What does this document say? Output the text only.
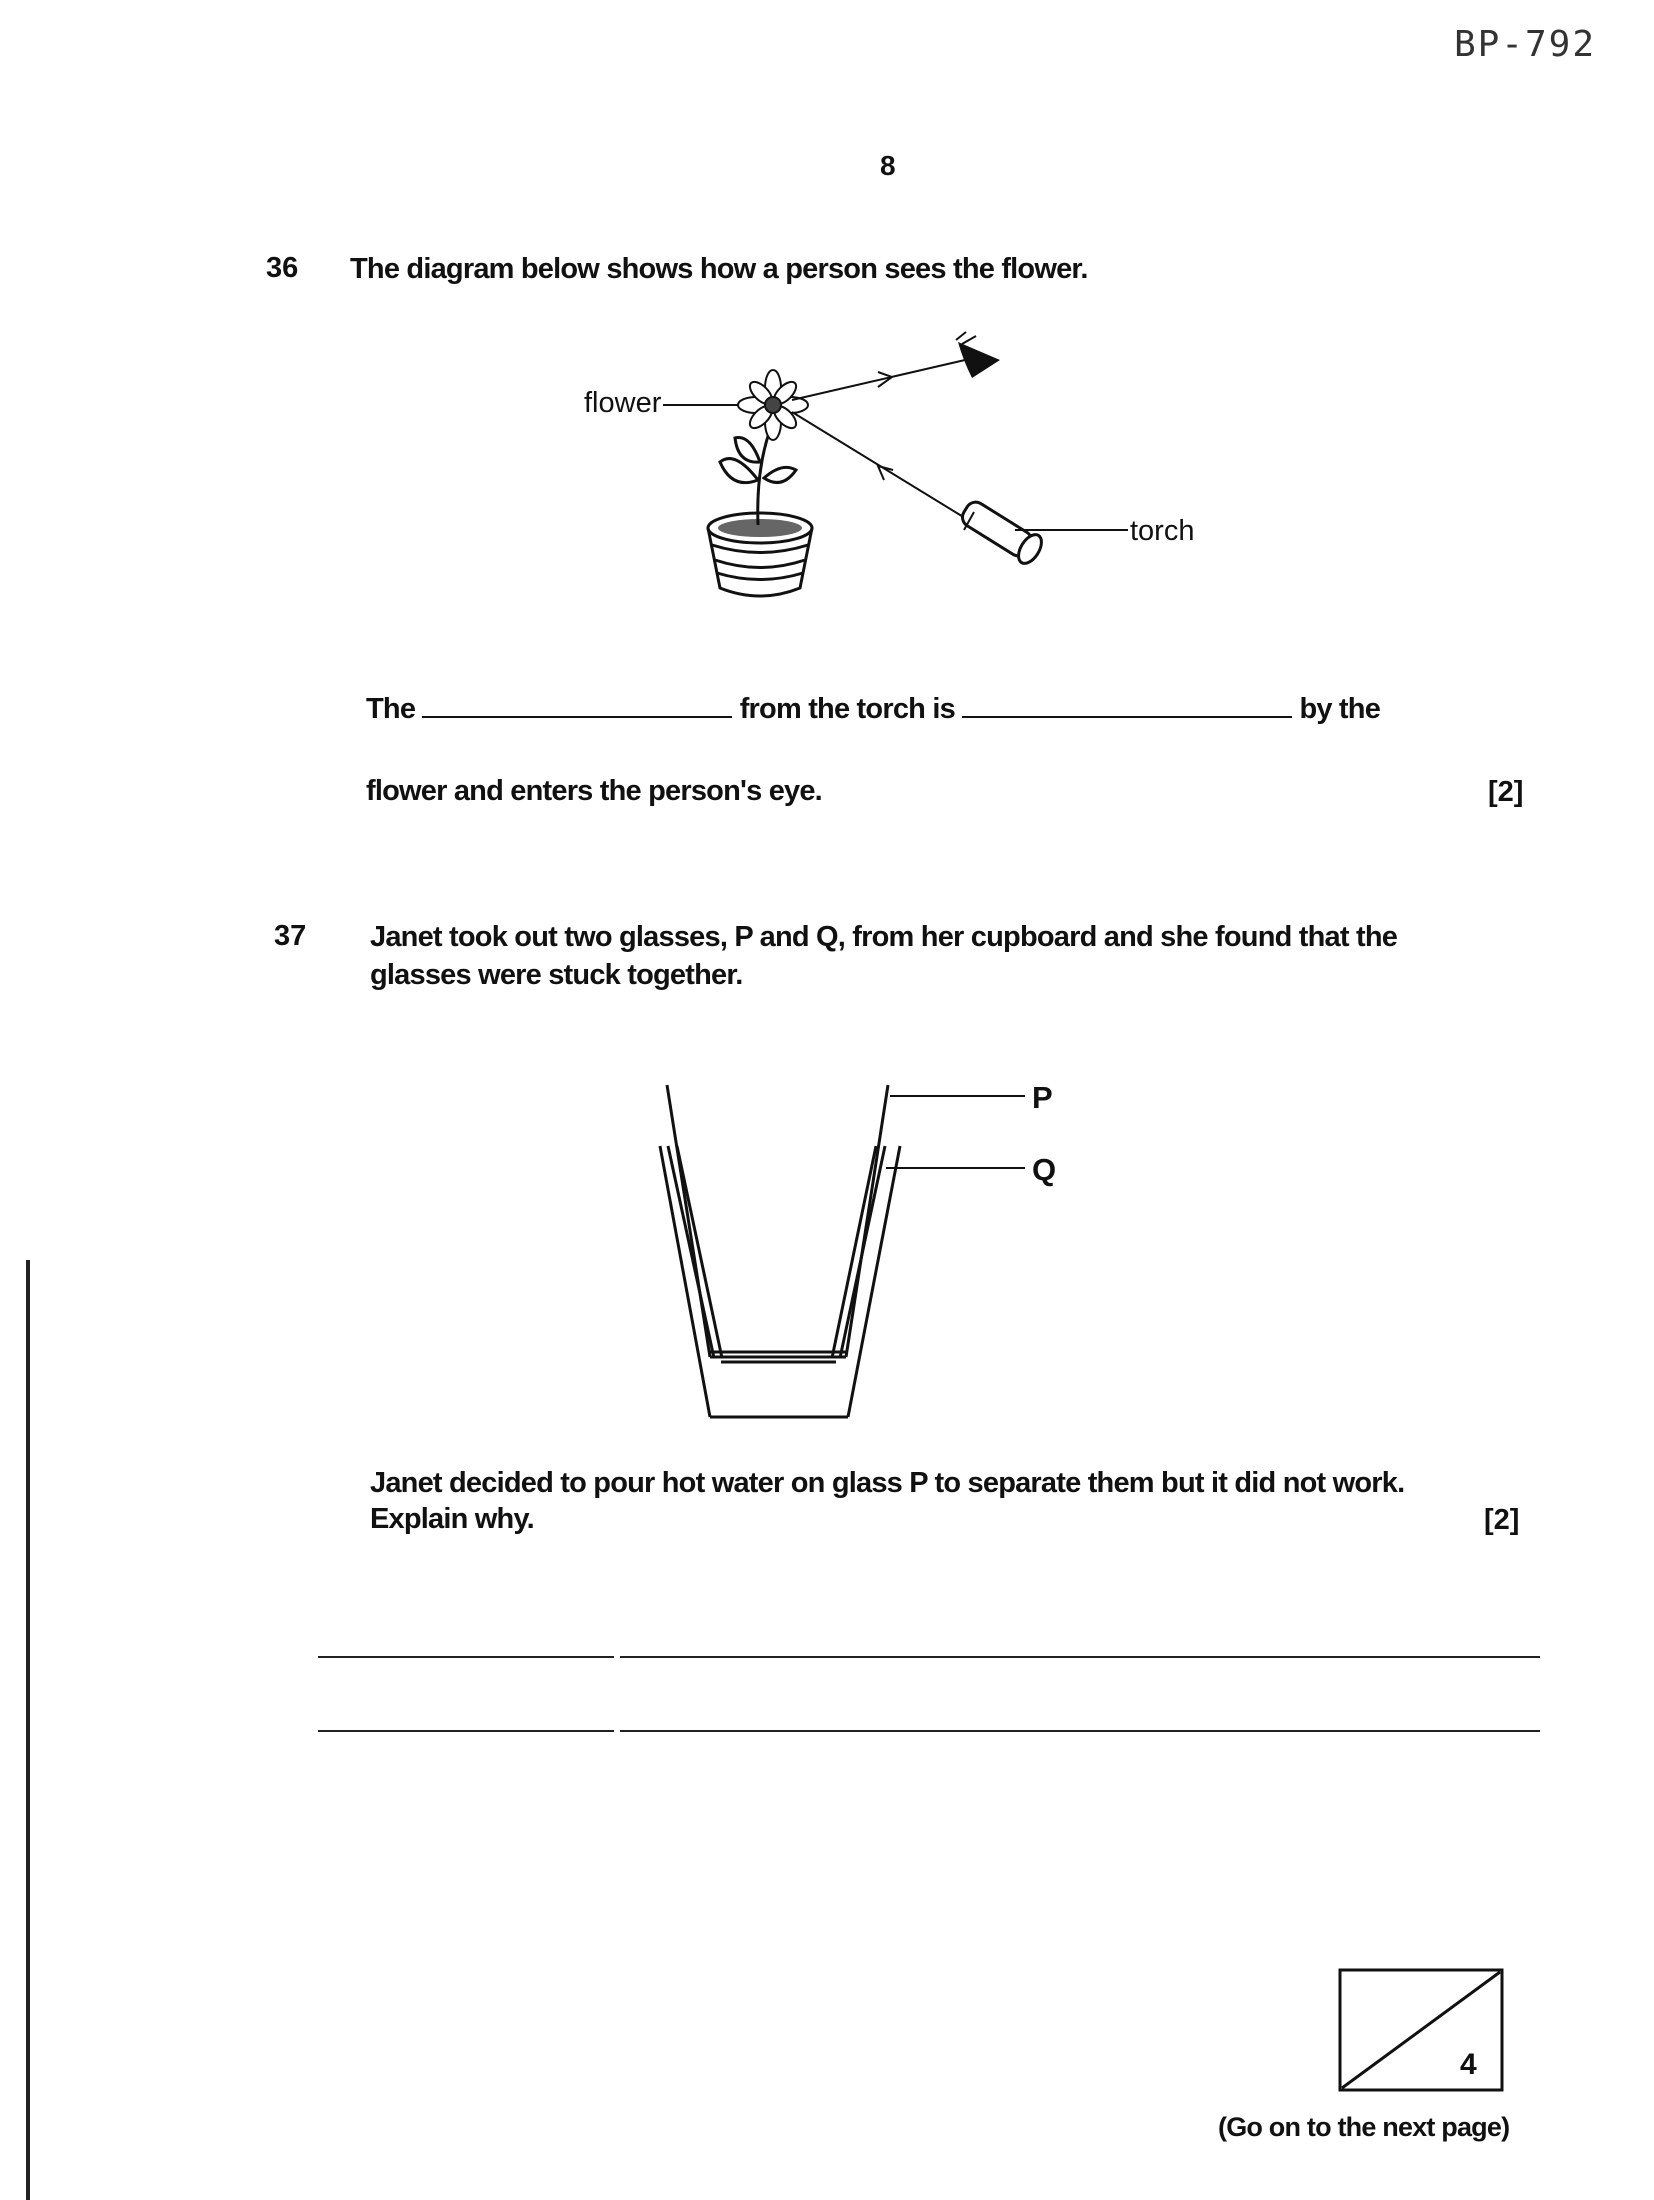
BP-792
8
36 The diagram below shows how a person sees the flower.
flower
torch
The	from the torch is	by the
flower and enters the person's eye.	[2]
37 Janet took out two glasses, P and Q, from her cupboard and she found that the
glasses were stuck together.
P
Q
Janet decided to pour hot water on glass P to separate them but it did not work.
Explain why.	[2]
4
(Go on to the next page)
